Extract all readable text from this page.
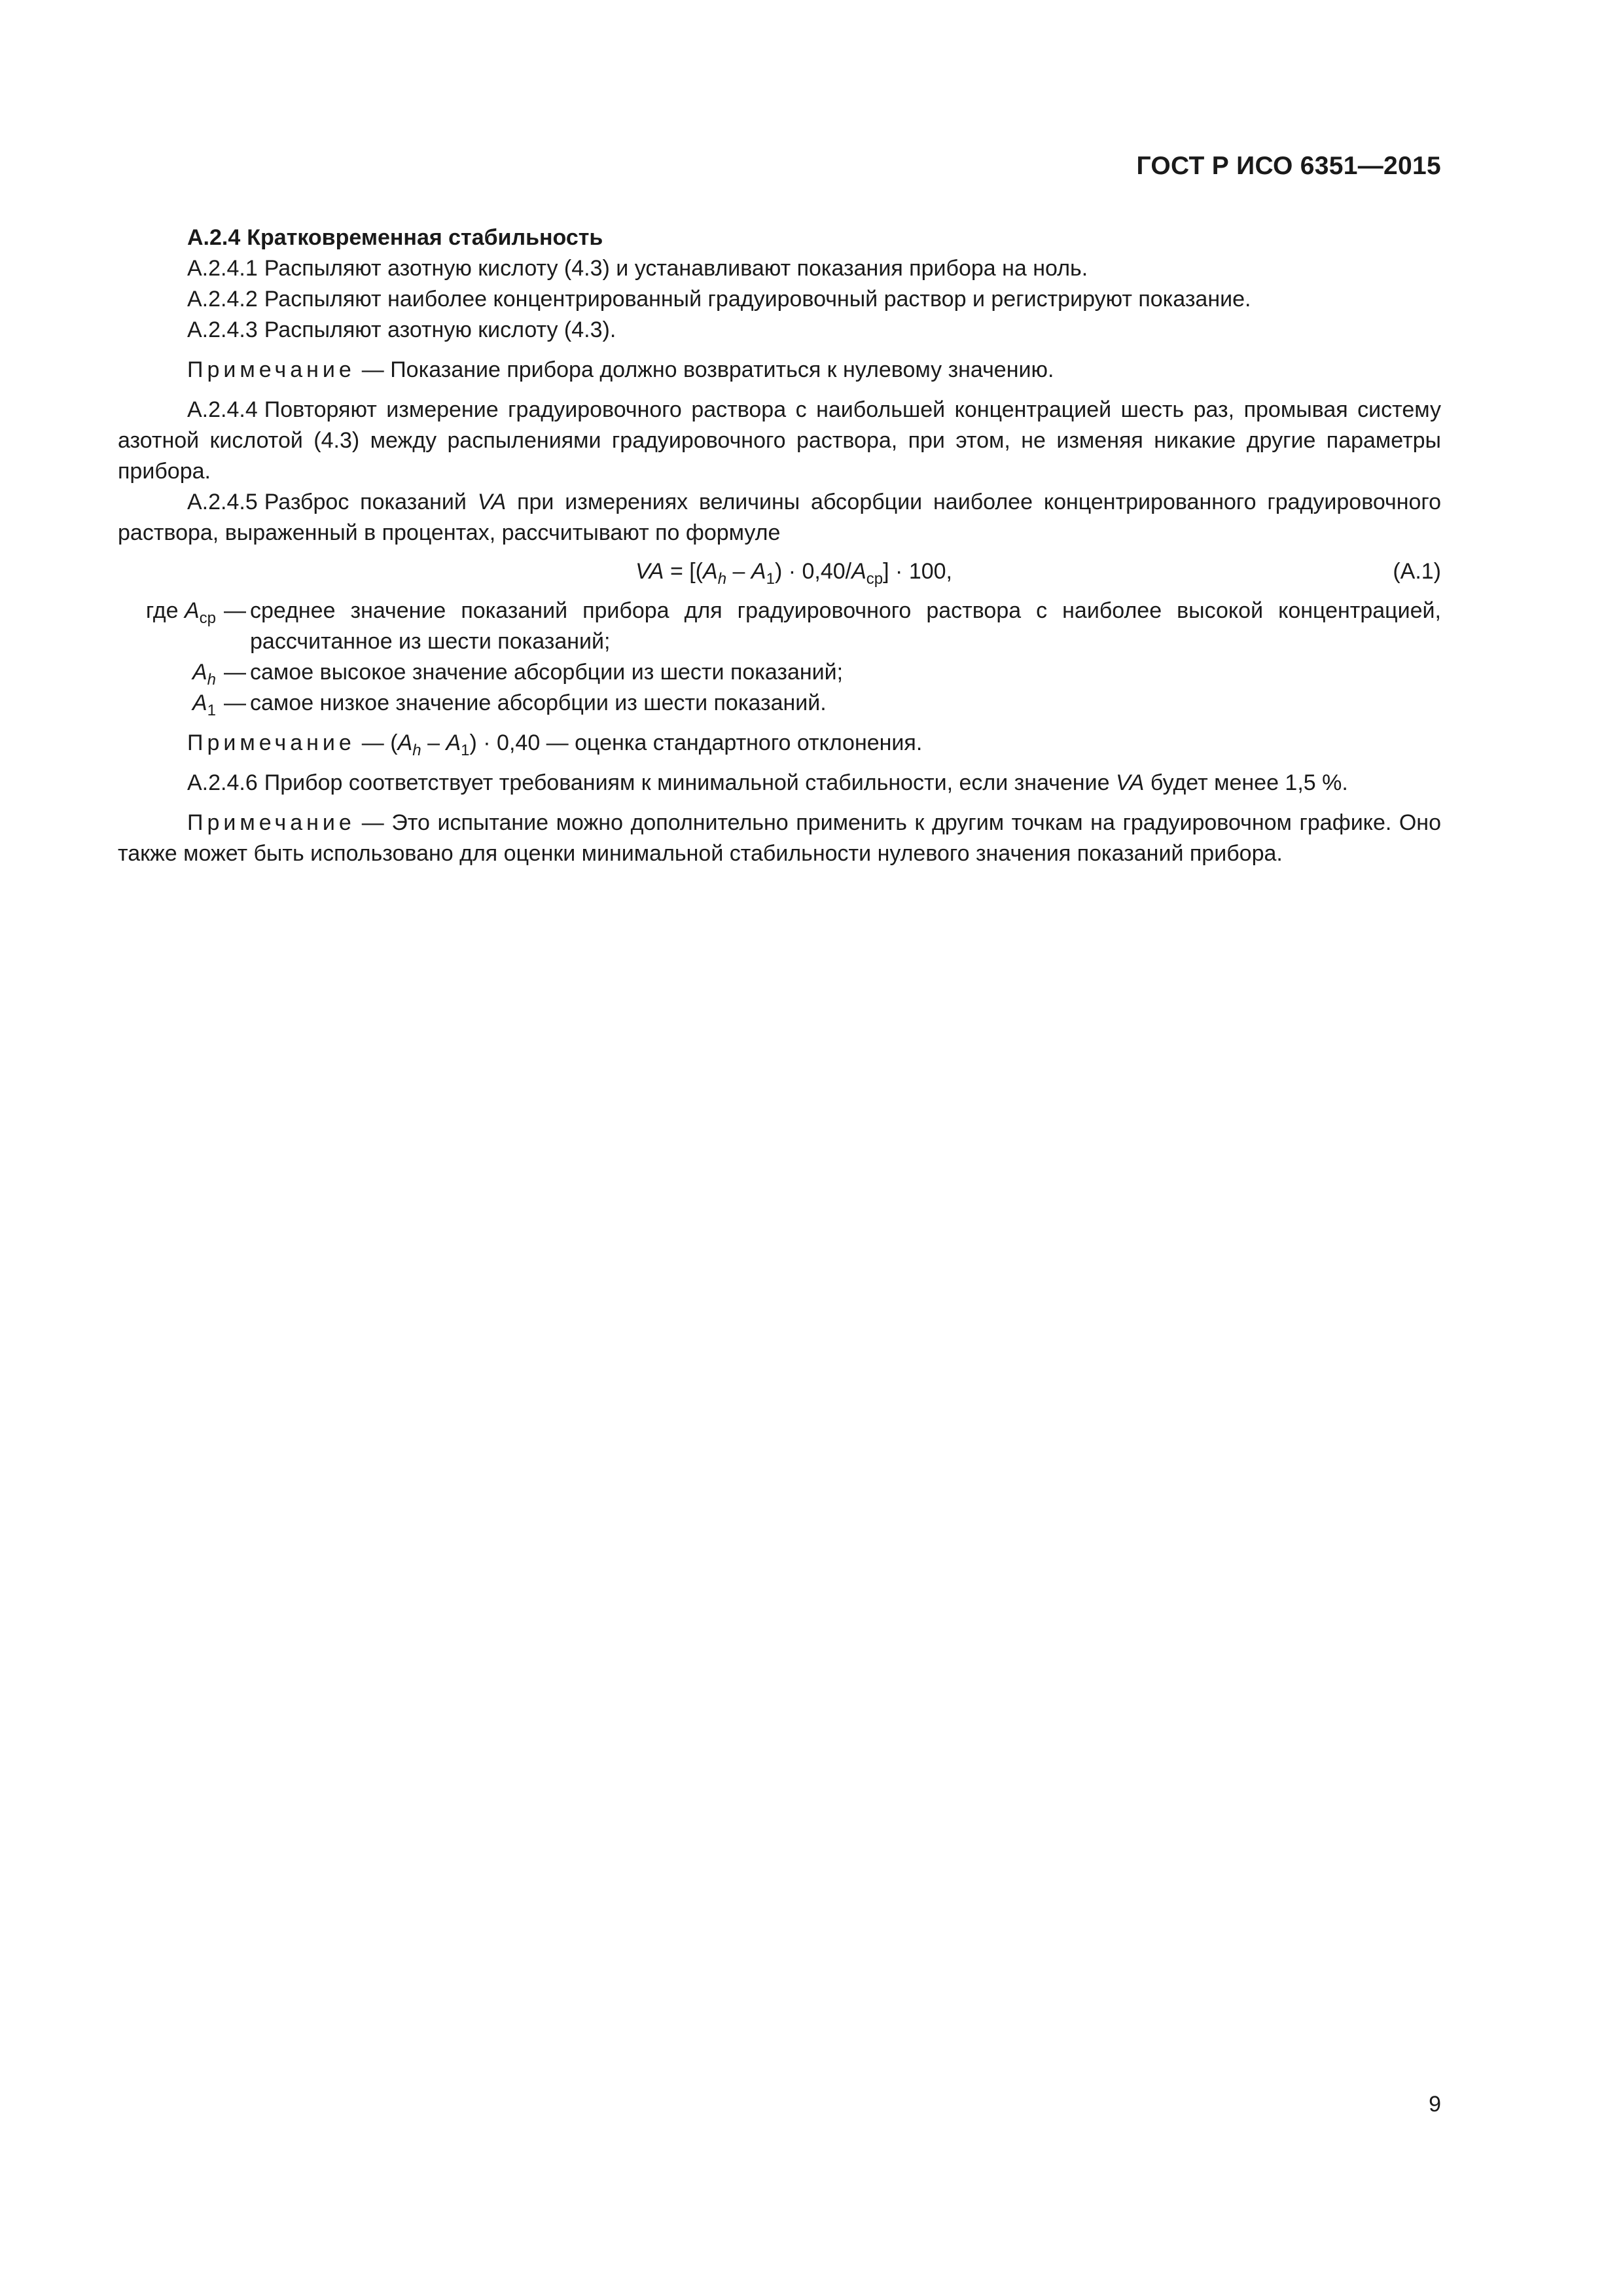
ГОСТ Р ИСО 6351—2015

A.2.4 Кратковременная стабильность

A.2.4.1 Распыляют азотную кислоту (4.3) и устанавливают показания прибора на ноль.

A.2.4.2 Распыляют наиболее концентрированный градуировочный раствор и регистрируют показание.

A.2.4.3 Распыляют азотную кислоту (4.3).

Примечание — Показание прибора должно возвратиться к нулевому значению.

A.2.4.4 Повторяют измерение градуировочного раствора с наибольшей концентрацией шесть раз, промывая систему азотной кислотой (4.3) между распылениями градуировочного раствора, при этом, не изменяя никакие другие параметры прибора.

A.2.4.5 Разброс показаний VA при измерениях величины абсорбции наиболее концентрированного градуировочного раствора, выраженный в процентах, рассчитывают по формуле

VA = $[(A_h - A_1) \cdot 0,40/A_{ср}] \cdot 100$,	(A.1)
где $A_{ср}$ — среднее значение показаний прибора для градуировочного раствора с наиболее высокой концентрацией, рассчитанное из шести показаний;
$A_h$ — самое высокое значение абсорбции из шести показаний;
$A_1$ — самое низкое значение абсорбции из шести показаний.

Примечание — $(A_h - A_1) \cdot 0,40$ — оценка стандартного отклонения.

A.2.4.6 Прибор соответствует требованиям к минимальной стабильности, если значение VA будет менее 1,5 %.

Примечание — Это испытание можно дополнительно применить к другим точкам на градуировочном графике. Оно также может быть использовано для оценки минимальной стабильности нулевого значения показаний прибора.

9
